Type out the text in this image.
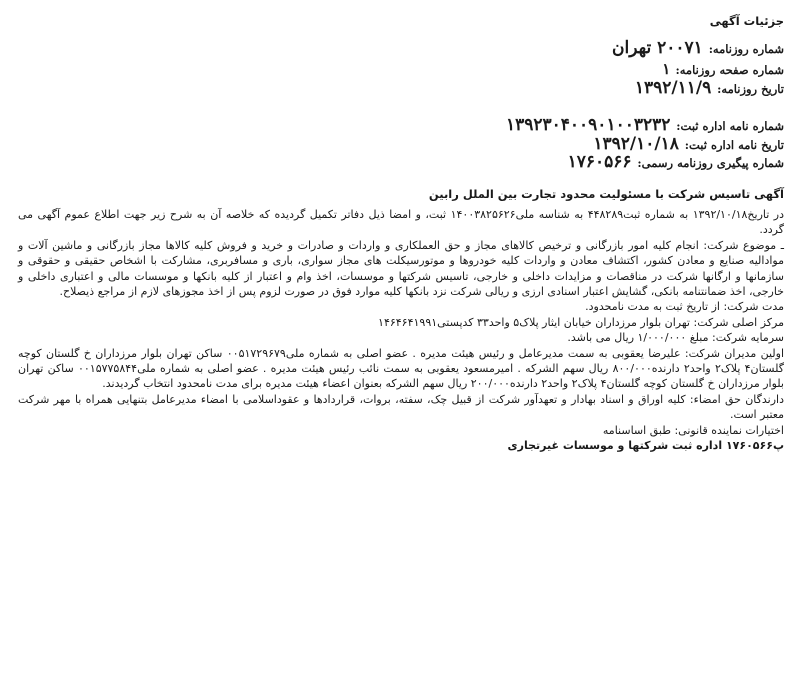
جزئیات آگهی
شماره روزنامه: ۲۰۰۷۱ تهران
شماره صفحه روزنامه: ۱
تاریخ روزنامه: ۱۳۹۲/۱۱/۹
شماره نامه اداره ثبت: ۱۳۹۲۳۰۴۰۰۹۰۱۰۰۳۲۳۲
تاریخ نامه اداره ثبت: ۱۳۹۲/۱۰/۱۸
شماره پیگیری روزنامه رسمی: ۱۷۶۰۵۶۶
آگهی تاسیس شرکت با مسئولیت محدود تجارت بین الملل رابین

در تاریخ۱۳۹۲/۱۰/۱۸ به شماره ثبت۴۴۸۲۸۹ به شناسه ملی۱۴۰۰۳۸۲۵۶۲۶ ثبت، و امضا ذیل دفاتر تکمیل گردیده که خلاصه آن به شرح زیر جهت اطلاع عموم آگهی می گردد.

ـ موضوع شرکت: انجام کلیه امور بازرگانی و ترخیص کالاهای مجاز و حق العملکاری و واردات و صادرات و خرید و فروش کلیه کالاها مجاز بازرگانی و ماشین آلات و موادالیه صنایع و معادن کشور، اکتشاف معادن و واردات کلیه خودروها و موتورسیکلت های مجاز سواری، باری و مسافربری، مشارکت با اشخاص حقیقی و حقوقی و سازمانها و ارگانها شرکت در مناقصات و مزایدات داخلی و خارجی، تاسیس شرکتها و موسسات، اخذ وام و اعتبار از کلیه بانکها و موسسات مالی و اعتباری داخلی و خارجی، اخذ ضمانتنامه بانکی، گشایش اعتبار اسنادی ارزی و ریالی شرکت نزد بانکها کلیه موارد فوق در صورت لزوم پس از اخذ مجوزهای لازم از مراجع ذیصلاح.

مدت شرکت: از تاریخ ثبت به مدت نامحدود.

مرکز اصلی شرکت: تهران بلوار مرزداران خیابان ایثار پلاک۵ واحد۳۳ کدپستی۱۴۶۴۶۴۱۹۹۱

سرمایه شرکت: مبلغ ۱/۰۰۰/۰۰۰ ریال می باشد.

اولین مدیران شرکت: علیرضا یعقوبی به سمت مدیرعامل و رئیس هیئت مدیره . عضو اصلی به شماره ملی۰۰۵۱۷۲۹۶۷۹ ساکن تهران بلوار مرزداران خ گلستان کوچه گلستان۴ پلاک۲ واحد۲ دارنده۸۰۰/۰۰۰ ریال سهم الشرکه . امیرمسعود یعقوبی به سمت نائب رئیس هیئت مدیره . عضو اصلی به شماره ملی۰۰۱۵۷۷۵۸۴۴ ساکن تهران بلوار مرزداران خ گلستان کوچه گلستان۴ پلاک۲ واحد۲ دارنده۲۰۰/۰۰۰ ریال سهم الشرکه بعنوان اعضاء هیئت مدیره برای مدت نامحدود انتخاب گردیدند.

دارندگان حق امضاء: کلیه اوراق و اسناد بهادار و تعهدآور شرکت از قبیل چک، سفته، بروات، قراردادها و عقوداسلامی با امضاء مدیرعامل بتنهایی همراه با مهر شرکت معتبر است.

اختیارات نماینده قانونی: طبق اساسنامه

پ۱۷۶۰۵۶۶ اداره ثبت شرکتها و موسسات غیرتجاری
